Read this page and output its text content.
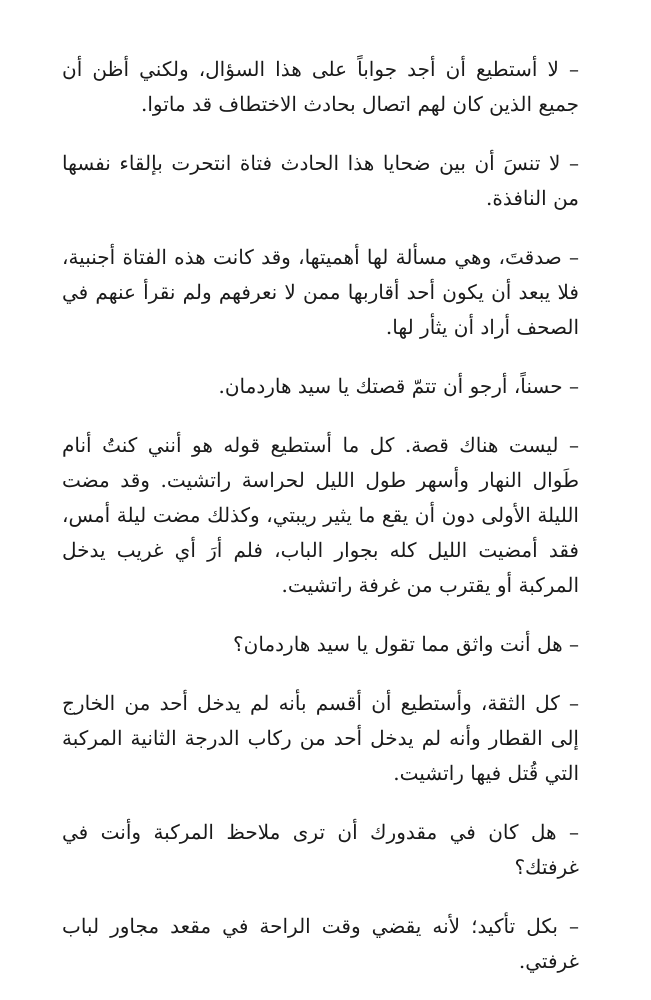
– لا أستطيع أن أجد جواباً على هذا السؤال، ولكني أظن أن جميع الذين كان لهم اتصال بحادث الاختطاف قد ماتوا.

– لا تنسَ أن بين ضحايا هذا الحادث فتاة انتحرت بإلقاء نفسها من النافذة.

– صدقتَ، وهي مسألة لها أهميتها، وقد كانت هذه الفتاة أجنبية، فلا يبعد أن يكون أحد أقاربها ممن لا نعرفهم ولم نقرأ عنهم في الصحف أراد أن يثأر لها.

– حسناً، أرجو أن تتمّ قصتك يا سيد هاردمان.

– ليست هناك قصة. كل ما أستطيع قوله هو أنني كنتُ أنام طَوال النهار وأسهر طول الليل لحراسة راتشيت. وقد مضت الليلة الأولى دون أن يقع ما يثير ريبتي، وكذلك مضت ليلة أمس، فقد أمضيت الليل كله بجوار الباب، فلم أرَ أي غريب يدخل المركبة أو يقترب من غرفة راتشيت.

– هل أنت واثق مما تقول يا سيد هاردمان؟

– كل الثقة، وأستطيع أن أقسم بأنه لم يدخل أحد من الخارج إلى القطار وأنه لم يدخل أحد من ركاب الدرجة الثانية المركبة التي قُتل فيها راتشيت.

– هل كان في مقدورك أن ترى ملاحظ المركبة وأنت في غرفتك؟

– بكل تأكيد؛ لأنه يقضي وقت الراحة في مقعد مجاور لباب غرفتي.
